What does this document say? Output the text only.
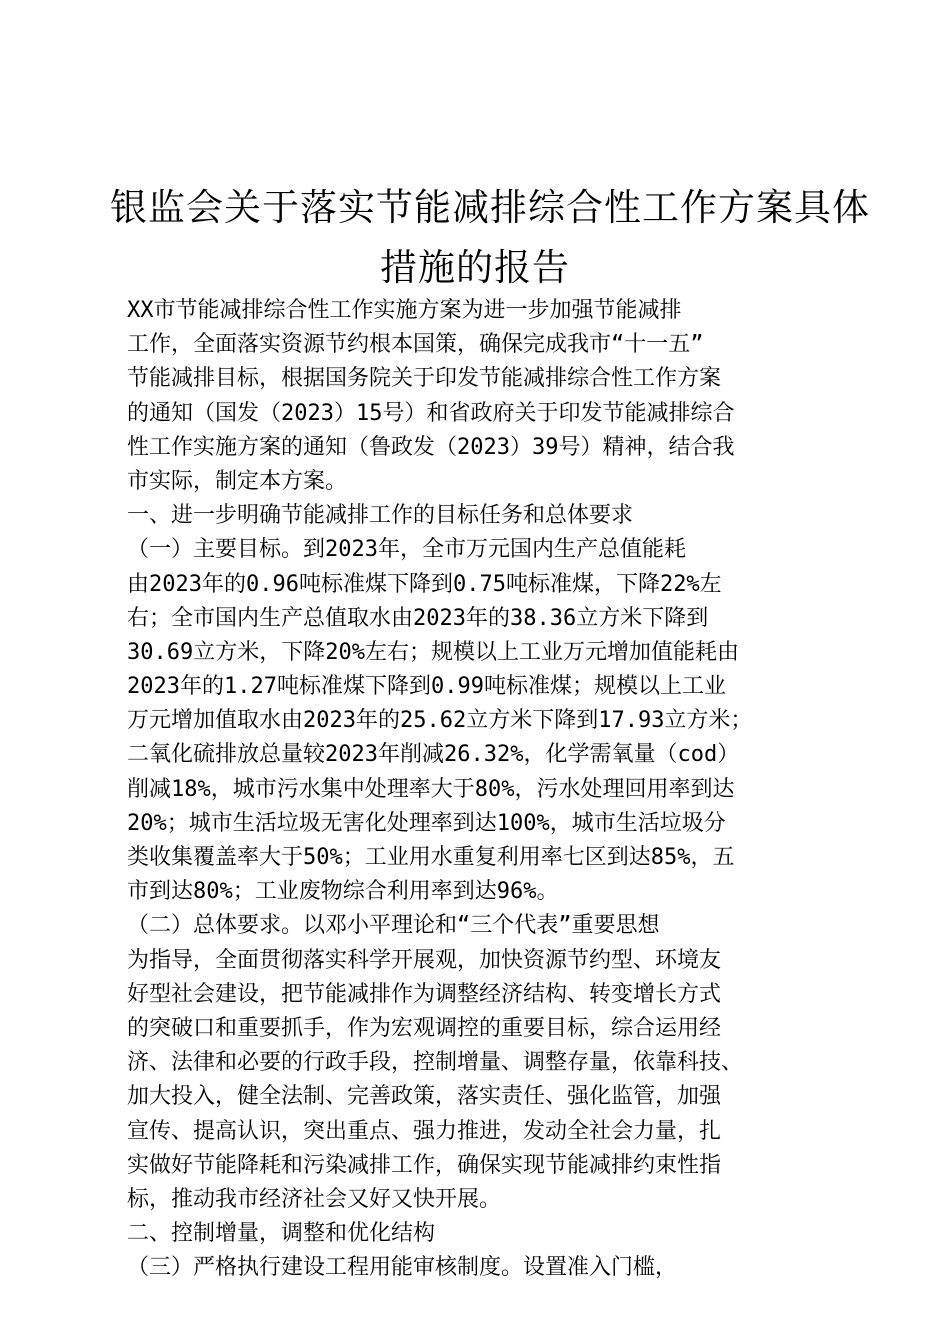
银监会关于落实节能减排综合性工作方案具体
措施的报告
XX市节能减排综合性工作实施方案为进一步加强节能减排
工作，全面落实资源节约根本国策，确保完成我市“十一五”
节能减排目标，根据国务院关于印发节能减排综合性工作方案
的通知（国发（2023）15号）和省政府关于印发节能减排综合
性工作实施方案的通知（鲁政发（2023）39号）精神，结合我
市实际，制定本方案。
一、进一步明确节能减排工作的目标任务和总体要求
（一）主要目标。到2023年，全市万元国内生产总值能耗
由2023年的0.96吨标准煤下降到0.75吨标准煤，下降22%左
右；全市国内生产总值取水由2023年的38.36立方米下降到
30.69立方米，下降20%左右；规模以上工业万元增加值能耗由
2023年的1.27吨标准煤下降到0.99吨标准煤；规模以上工业
万元增加值取水由2023年的25.62立方米下降到17.93立方米；
二氧化硫排放总量较2023年削减26.32%，化学需氧量（cod）
削减18%，城市污水集中处理率大于80%，污水处理回用率到达
20%；城市生活垃圾无害化处理率到达100%，城市生活垃圾分
类收集覆盖率大于50%；工业用水重复利用率七区到达85%，五
市到达80%；工业废物综合利用率到达96%。
（二）总体要求。以邓小平理论和“三个代表”重要思想
为指导，全面贯彻落实科学开展观，加快资源节约型、环境友
好型社会建设，把节能减排作为调整经济结构、转变增长方式
的突破口和重要抓手，作为宏观调控的重要目标，综合运用经
济、法律和必要的行政手段，控制增量、调整存量，依靠科技、
加大投入，健全法制、完善政策，落实责任、强化监管，加强
宣传、提高认识，突出重点、强力推进，发动全社会力量，扎
实做好节能降耗和污染减排工作，确保实现节能减排约束性指
标，推动我市经济社会又好又快开展。
二、控制增量，调整和优化结构
（三）严格执行建设工程用能审核制度。设置准入门槛，
